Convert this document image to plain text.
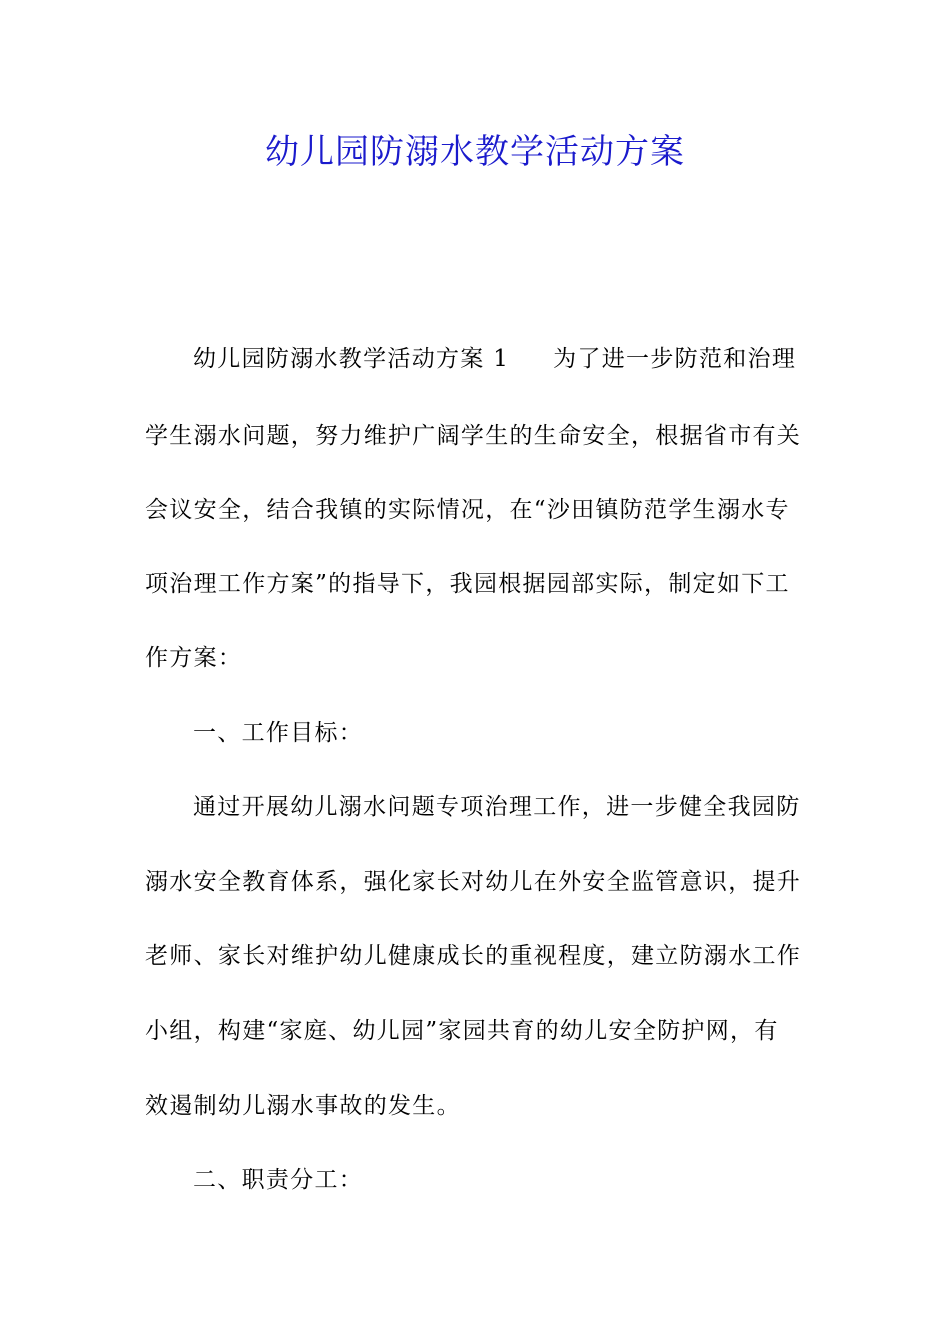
幼儿园防溺水教学活动方案

幼儿园防溺水教学活动方案 1 为了进一步防范和治理

学生溺水问题，努力维护广阔学生的生命安全，根据省市有关

会议安全，结合我镇的实际情况，在“沙田镇防范学生溺水专

项治理工作方案”的指导下，我园根据园部实际，制定如下工

作方案：

一、工作目标：

通过开展幼儿溺水问题专项治理工作，进一步健全我园防

溺水安全教育体系，强化家长对幼儿在外安全监管意识，提升

老师、家长对维护幼儿健康成长的重视程度，建立防溺水工作

小组，构建“家庭、幼儿园”家园共育的幼儿安全防护网，有

效遏制幼儿溺水事故的发生。

二、职责分工：
